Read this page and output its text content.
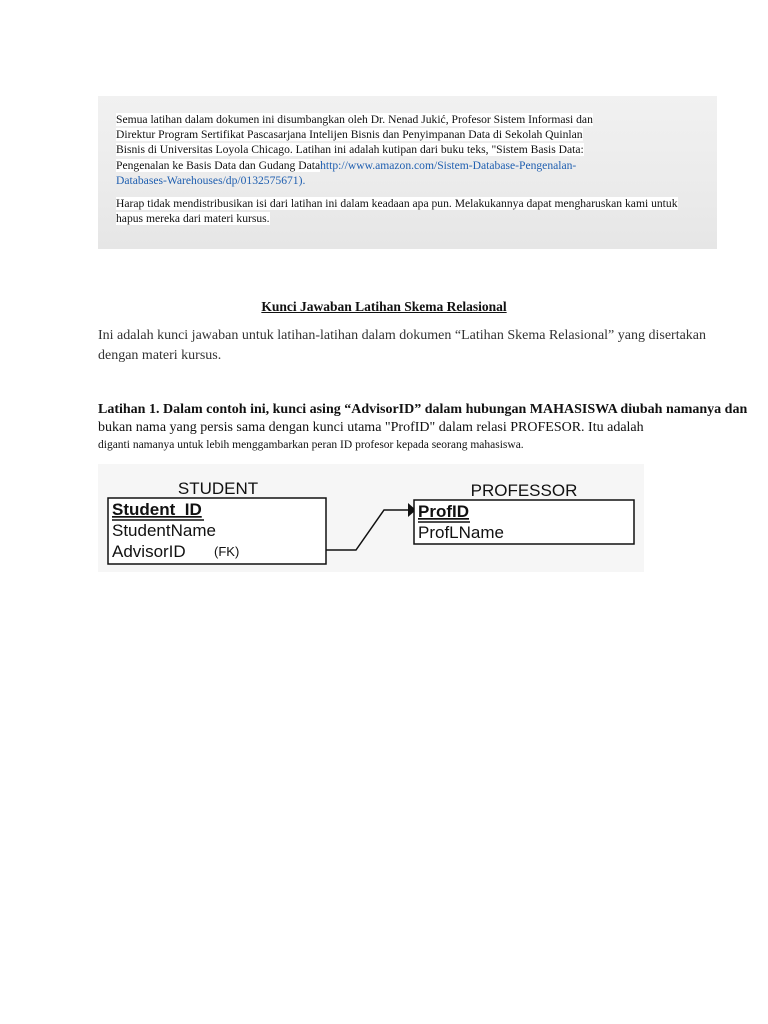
Semua latihan dalam dokumen ini disumbangkan oleh Dr. Nenad Jukić, Profesor Sistem Informasi dan
Direktur Program Sertifikat Pascasarjana Intelijen Bisnis dan Penyimpanan Data di Sekolah Quinlan
Bisnis di Universitas Loyola Chicago. Latihan ini adalah kutipan dari buku teks, "Sistem Basis Data:
Pengenalan ke Basis Data dan Gudang Datahttp://www.amazon.com/Sistem-Database-Pengenalan-
Databases-Warehouses/dp/0132575671).
Harap tidak mendistribusikan isi dari latihan ini dalam keadaan apa pun. Melakukannya dapat mengharuskan kami untuk
hapus mereka dari materi kursus.
Kunci Jawaban Latihan Skema Relasional
Ini adalah kunci jawaban untuk latihan-latihan dalam dokumen “Latihan Skema Relasional” yang disertakan dengan materi kursus.
Latihan 1. Dalam contoh ini, kunci asing “AdvisorID” dalam hubungan MAHASISWA diubah namanya dan
bukan nama yang persis sama dengan kunci utama "ProfID" dalam relasi PROFESOR. Itu adalah
diganti namanya untuk lebih menggambarkan peran ID profesor kepada seorang mahasiswa.
STUDENT
Student_ID
StudentName
AdvisorID (FK)
PROFESSOR
ProfID
ProfLName
